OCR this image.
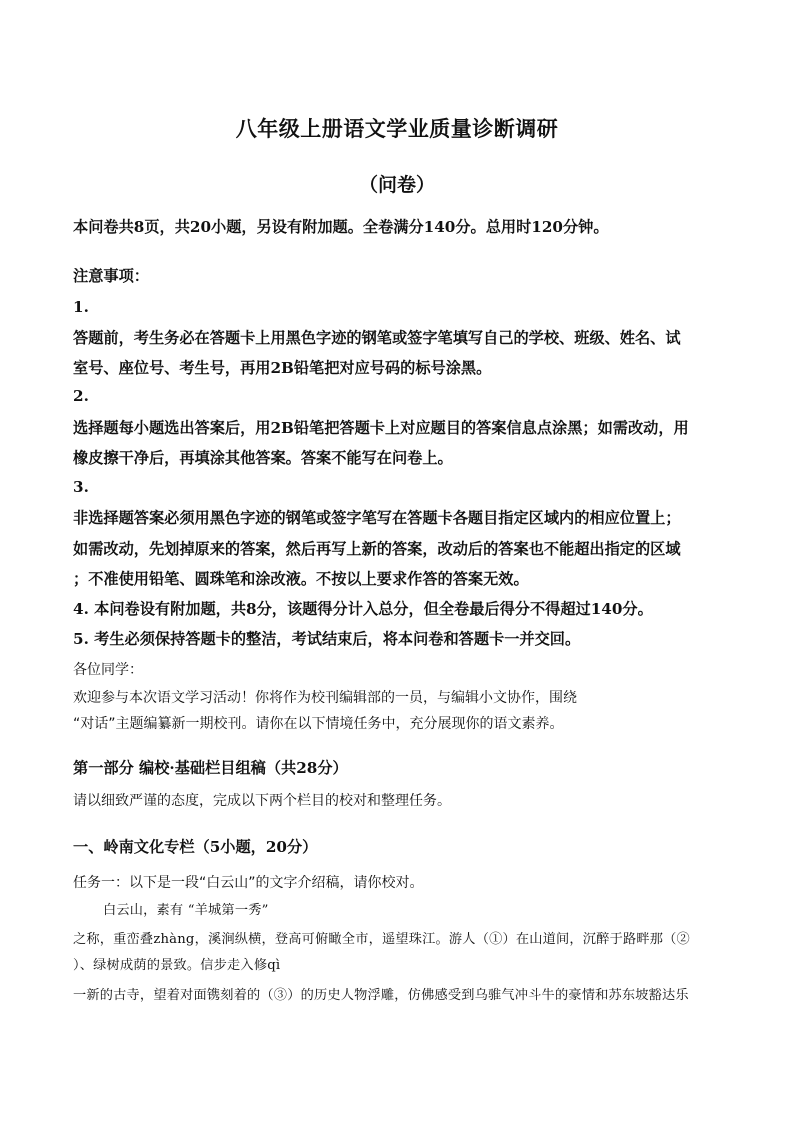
八年级上册语文学业质量诊断调研
（问卷）
本问卷共8页，共20小题，另设有附加题。全卷满分140分。总用时120分钟。
注意事项：
1.
答题前，考生务必在答题卡上用黑色字迹的钢笔或签字笔填写自己的学校、班级、姓名、试
室号、座位号、考生号，再用2B铅笔把对应号码的标号涂黑。
2.
选择题每小题选出答案后，用2B铅笔把答题卡上对应题目的答案信息点涂黑；如需改动，用
橡皮擦干净后，再填涂其他答案。答案不能写在问卷上。
3.
非选择题答案必须用黑色字迹的钢笔或签字笔写在答题卡各题目指定区域内的相应位置上；
如需改动，先划掉原来的答案，然后再写上新的答案，改动后的答案也不能超出指定的区域
；不准使用铅笔、圆珠笔和涂改液。不按以上要求作答的答案无效。
4. 本问卷设有附加题，共8分，该题得分计入总分，但全卷最后得分不得超过140分。
5. 考生必须保持答题卡的整洁，考试结束后，将本问卷和答题卡一并交回。
各位同学：
欢迎参与本次语文学习活动！你将作为校刊编辑部的一员，与编辑小文协作，围绕
“对话”主题编纂新一期校刊。请你在以下情境任务中，充分展现你的语文素养。
第一部分 编校·基础栏目组稿（共28分）
请以细致严谨的态度，完成以下两个栏目的校对和整理任务。
一、岭南文化专栏（5小题，20分）
任务一：以下是一段“白云山”的文字介绍稿，请你校对。
白云山，素有 “羊城第一秀”
之称，重峦叠zhàng，溪涧纵横，登高可俯瞰全市，遥望珠江。游人（①）在山道间，沉醉于路畔那（②
）、绿树成荫的景致。信步走入修qì
一新的古寺，望着对面镌刻着的（③）的历史人物浮雕，仿佛感受到乌骓气冲斗牛的豪情和苏东坡豁达乐
